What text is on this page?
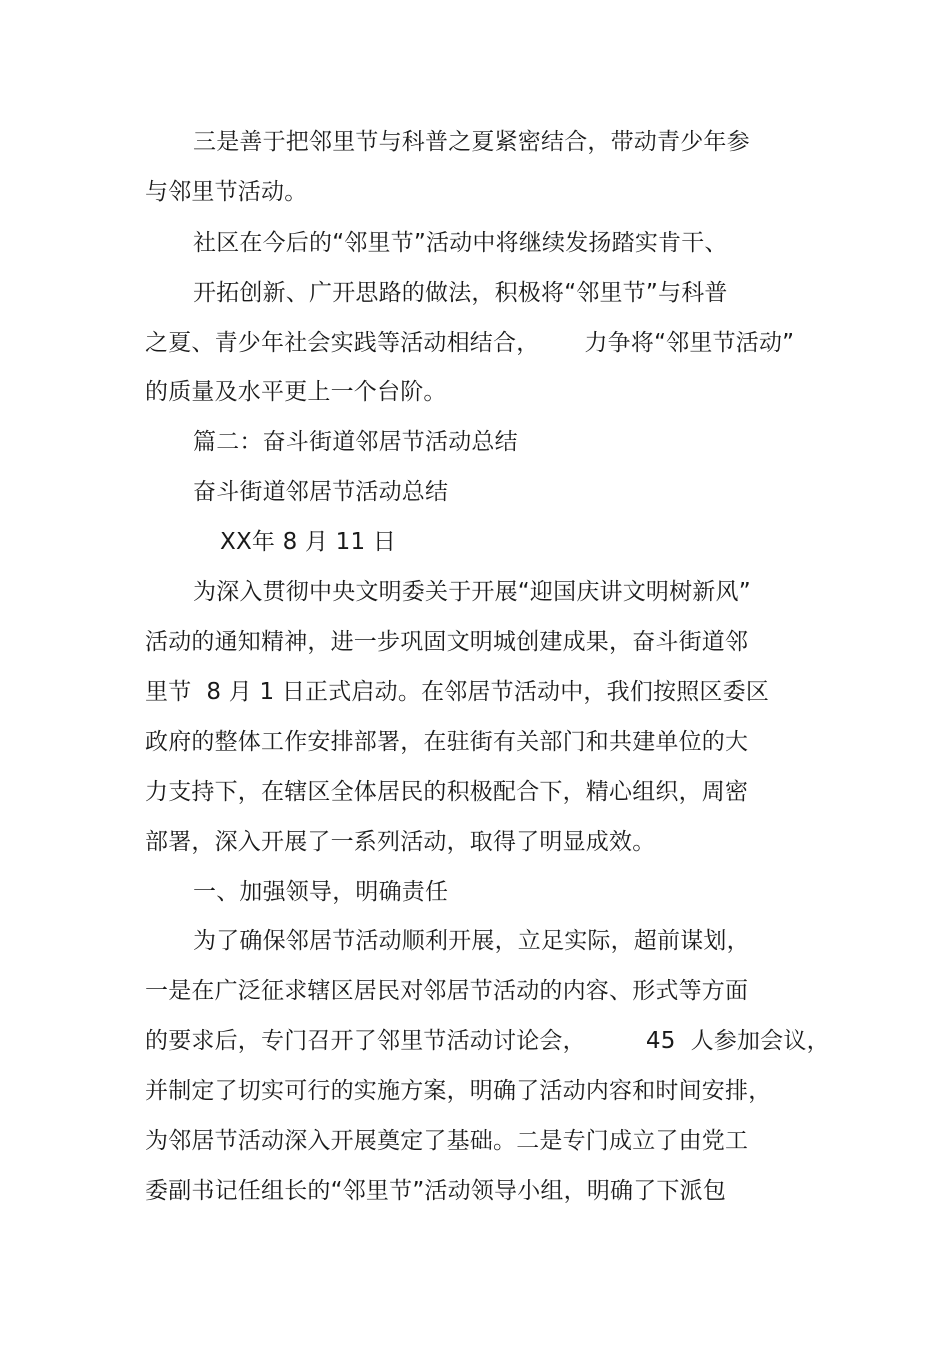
三是善于把邻里节与科普之夏紧密结合，带动青少年参
与邻里节活动。
社区在今后的“邻里节”活动中将继续发扬踏实肯干、
开拓创新、广开思路的做法，积极将“邻里节”与科普
之夏、青少年社会实践等活动相结合，      力争将“邻里节活动”
的质量及水平更上一个台阶。
篇二：奋斗街道邻居节活动总结
奋斗街道邻居节活动总结
XX年 8 月 11 日
为深入贯彻中央文明委关于开展“迎国庆讲文明树新风”
活动的通知精神，进一步巩固文明城创建成果，奋斗街道邻
里节  8 月 1 日正式启动。在邻居节活动中，我们按照区委区
政府的整体工作安排部署，在驻街有关部门和共建单位的大
力支持下，在辖区全体居民的积极配合下，精心组织，周密
部署，深入开展了一系列活动，取得了明显成效。
一、加强领导，明确责任
为了确保邻居节活动顺利开展，立足实际，超前谋划，
一是在广泛征求辖区居民对邻居节活动的内容、形式等方面
的要求后，专门召开了邻里节活动讨论会，        45  人参加会议，
并制定了切实可行的实施方案，明确了活动内容和时间安排，
为邻居节活动深入开展奠定了基础。二是专门成立了由党工
委副书记任组长的“邻里节”活动领导小组，明确了下派包
